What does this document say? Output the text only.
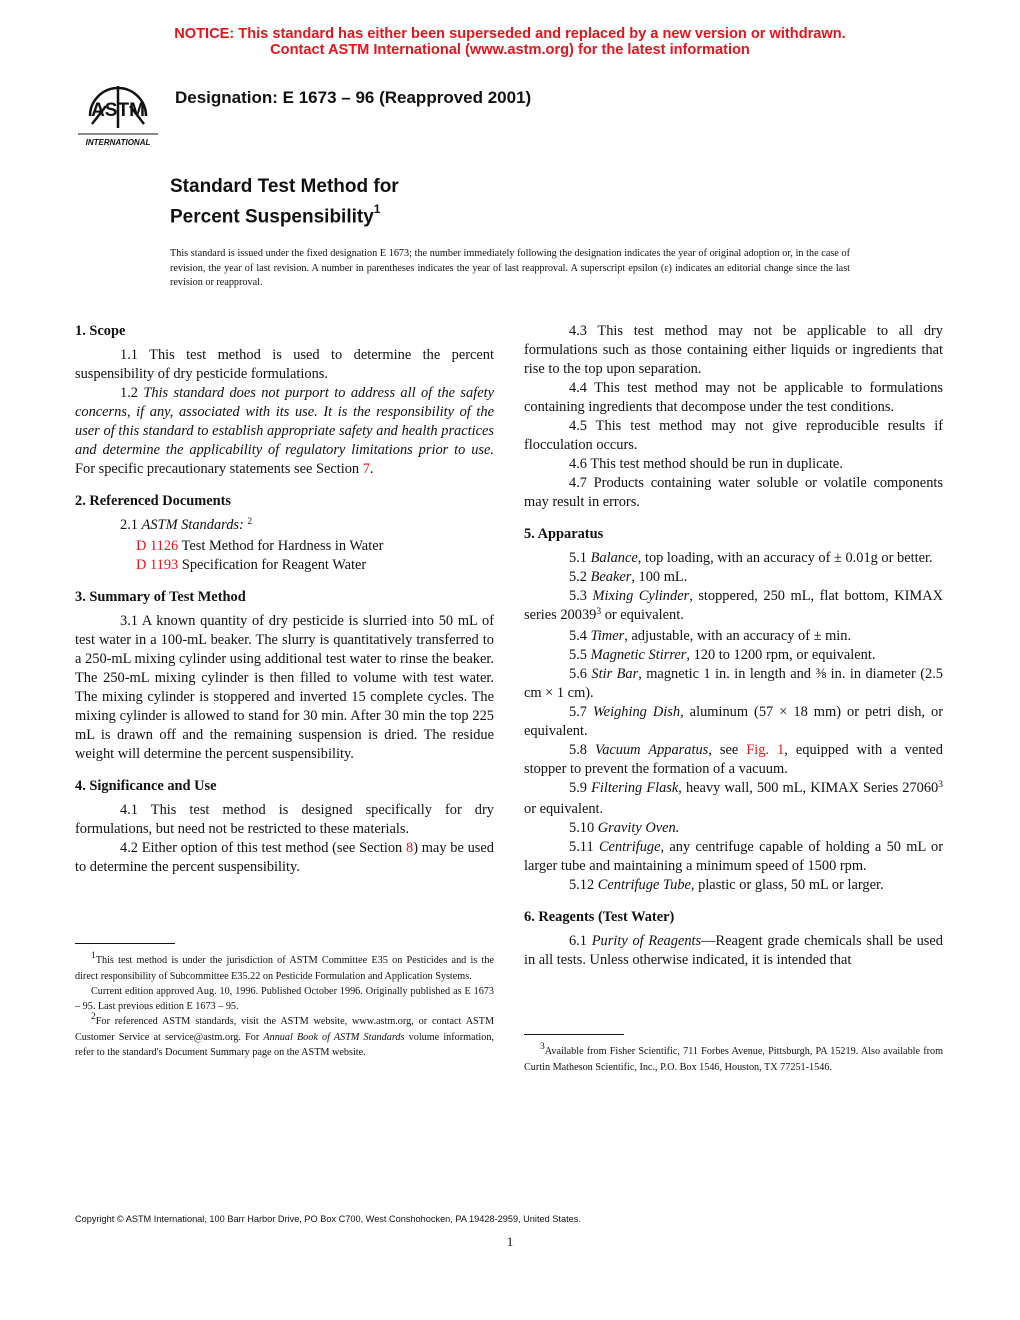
NOTICE: This standard has either been superseded and replaced by a new version or withdrawn.
Contact ASTM International (www.astm.org) for the latest information
ASTM
INTERNATIONAL
Designation: E 1673 – 96 (Reapproved 2001)
Standard Test Method for
Percent Suspensibility$^1$
This standard is issued under the fixed designation E 1673; the number immediately following the designation indicates the year of original adoption or, in the case of revision, the year of last revision. A number in parentheses indicates the year of last reapproval. A superscript epsilon (ε) indicates an editorial change since the last revision or reapproval.
1. Scope

1.1 This test method is used to determine the percent suspensibility of dry pesticide formulations.

1.2 This standard does not purport to address all of the safety concerns, if any, associated with its use. It is the responsibility of the user of this standard to establish appropriate safety and health practices and determine the applicability of regulatory limitations prior to use. For specific precautionary statements see Section 7.

2. Referenced Documents

2.1 ASTM Standards: $^2$

D 1126 Test Method for Hardness in Water

D 1193 Specification for Reagent Water

3. Summary of Test Method

3.1 A known quantity of dry pesticide is slurried into 50 mL of test water in a 100-mL beaker. The slurry is quantitatively transferred to a 250-mL mixing cylinder using additional test water to rinse the beaker. The 250-mL mixing cylinder is then filled to volume with test water. The mixing cylinder is stoppered and inverted 15 complete cycles. The mixing cylinder is allowed to stand for 30 min. After 30 min the top 225 mL is drawn off and the remaining suspension is dried. The residue weight will determine the percent suspensibility.

4. Significance and Use

4.1 This test method is designed specifically for dry formulations, but need not be restricted to these materials.

4.2 Either option of this test method (see Section 8) may be used to determine the percent suspensibility.

4.3 This test method may not be applicable to all dry formulations such as those containing either liquids or ingredients that rise to the top upon separation.

4.4 This test method may not be applicable to formulations containing ingredients that decompose under the test conditions.

4.5 This test method may not give reproducible results if flocculation occurs.

4.6 This test method should be run in duplicate.

4.7 Products containing water soluble or volatile components may result in errors.

5. Apparatus

5.1 Balance, top loading, with an accuracy of ± 0.01g or better.

5.2 Beaker, 100 mL.

5.3 Mixing Cylinder, stoppered, 250 mL, flat bottom, KIMAX series 20039$^3$ or equivalent.

5.4 Timer, adjustable, with an accuracy of ± min.

5.5 Magnetic Stirrer, 120 to 1200 rpm, or equivalent.

5.6 Stir Bar, magnetic 1 in. in length and ⅜ in. in diameter (2.5 cm × 1 cm).

5.7 Weighing Dish, aluminum (57 × 18 mm) or petri dish, or equivalent.

5.8 Vacuum Apparatus, see Fig. 1, equipped with a vented stopper to prevent the formation of a vacuum.

5.9 Filtering Flask, heavy wall, 500 mL, KIMAX Series 27060$^3$ or equivalent.

5.10 Gravity Oven.

5.11 Centrifuge, any centrifuge capable of holding a 50 mL or larger tube and maintaining a minimum speed of 1500 rpm.

5.12 Centrifuge Tube, plastic or glass, 50 mL or larger.

6. Reagents (Test Water)

6.1 Purity of Reagents—Reagent grade chemicals shall be used in all tests. Unless otherwise indicated, it is intended that

1This test method is under the jurisdiction of ASTM Committee E35 on Pesticides and is the direct responsibility of Subcommittee E35.22 on Pesticide Formulation and Application Systems.

Current edition approved Aug. 10, 1996. Published October 1996. Originally published as E 1673 – 95. Last previous edition E 1673 – 95.

2For referenced ASTM standards, visit the ASTM website, www.astm.org, or contact ASTM Customer Service at service@astm.org. For Annual Book of ASTM Standards volume information, refer to the standard's Document Summary page on the ASTM website.	3Available from Fisher Scientific, 711 Forbes Avenue, Pittsburgh, PA 15219. Also available from Curtin Matheson Scientific, Inc., P.O. Box 1546, Houston, TX 77251-1546.

Copyright © ASTM International, 100 Barr Harbor Drive, PO Box C700, West Conshohocken, PA 19428-2959, United States.
1
